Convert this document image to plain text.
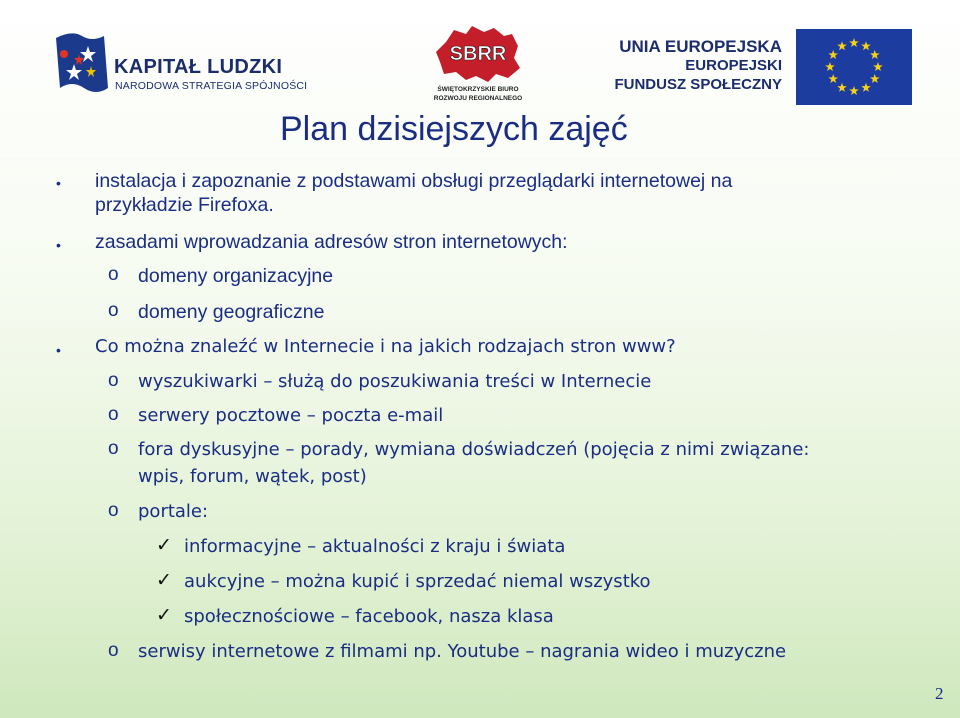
KAPITAŁ LUDZKI
NARODOWA STRATEGIA SPÓJNOŚCI
SBRR
ŚWIĘTOKRZYSKIE BIURO
ROZWOJU REGIONALNEGO
UNIA EUROPEJSKA
EUROPEJSKI
FUNDUSZ SPOŁECZNY
Plan dzisiejszych zajęć
• instalacja i zapoznanie z podstawami obsługi przeglądarki internetowej na
przykładzie Firefoxa.
• zasadami wprowadzania adresów stron internetowych:
o domeny organizacyjne
o domeny geograficzne
• Co można znaleźć w Internecie i na jakich rodzajach stron www?
o wyszukiwarki – służą do poszukiwania treści w Internecie
o serwery pocztowe – poczta e-mail
o fora dyskusyjne – porady, wymiana doświadczeń (pojęcia z nimi związane:
wpis, forum, wątek, post)
o portale:
✓ informacyjne – aktualności z kraju i świata
✓ aukcyjne – można kupić i sprzedać niemal wszystko
✓ społecznościowe – facebook, nasza klasa
o serwisy internetowe z filmami np. Youtube – nagrania wideo i muzyczne
2
